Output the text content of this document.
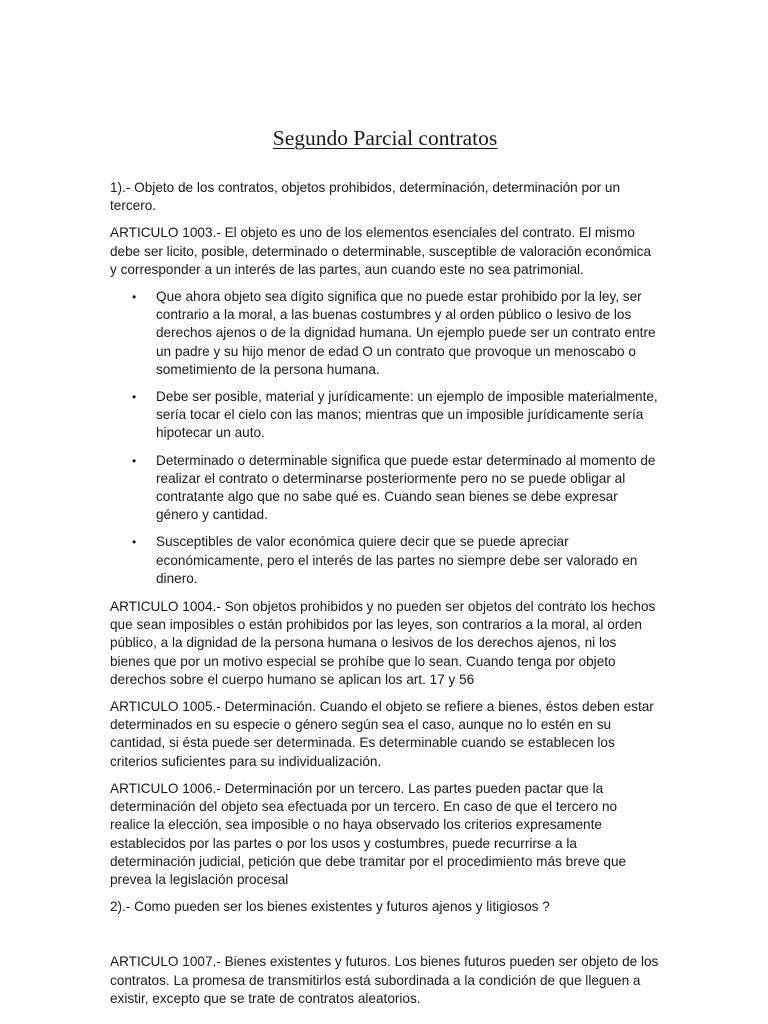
Segundo Parcial contratos

1).- Objeto de los contratos, objetos prohibidos, determinación, determinación por un tercero.

ARTICULO 1003.- El objeto es uno de los elementos esenciales del contrato. El mismo debe ser licito, posible, determinado o determinable, susceptible de valoración económica y corresponder a un interés de las partes, aun cuando este no sea patrimonial.

• Que ahora objeto sea dígito significa que no puede estar prohibido por la ley, ser contrario a la moral, a las buenas costumbres y al orden público o lesivo de los derechos ajenos o de la dignidad humana. Un ejemplo puede ser un contrato entre un padre y su hijo menor de edad O un contrato que provoque un menoscabo o sometimiento de la persona humana.
• Debe ser posible, material y jurídicamente: un ejemplo de imposible materialmente, sería tocar el cielo con las manos; mientras que un imposible jurídicamente sería hipotecar un auto.
• Determinado o determinable significa que puede estar determinado al momento de realizar el contrato o determinarse posteriormente pero no se puede obligar al contratante algo que no sabe qué es. Cuando sean bienes se debe expresar género y cantidad.
• Susceptibles de valor económica quiere decir que se puede apreciar económicamente, pero el interés de las partes no siempre debe ser valorado en dinero.

ARTICULO 1004.- Son objetos prohibidos y no pueden ser objetos del contrato los hechos que sean imposibles o están prohibidos por las leyes, son contrarios a la moral, al orden público, a la dignidad de la persona humana o lesivos de los derechos ajenos, ni los bienes que por un motivo especial se prohíbe que lo sean. Cuando tenga por objeto derechos sobre el cuerpo humano se aplican los art. 17 y 56

ARTICULO 1005.- Determinación. Cuando el objeto se refiere a bienes, éstos deben estar determinados en su especie o género según sea el caso, aunque no lo estén en su cantidad, si ésta puede ser determinada. Es determinable cuando se establecen los criterios suficientes para su individualización.

ARTICULO 1006.- Determinación por un tercero. Las partes pueden pactar que la determinación del objeto sea efectuada por un tercero. En caso de que el tercero no realice la elección, sea imposible o no haya observado los criterios expresamente establecidos por las partes o por los usos y costumbres, puede recurrirse a la determinación judicial, petición que debe tramitar por el procedimiento más breve que prevea la legislación procesal

2).- Como pueden ser los bienes existentes y futuros ajenos y litigiosos ?

ARTICULO 1007.- Bienes existentes y futuros. Los bienes futuros pueden ser objeto de los contratos. La promesa de transmitirlos está subordinada a la condición de que lleguen a existir, excepto que se trate de contratos aleatorios.
